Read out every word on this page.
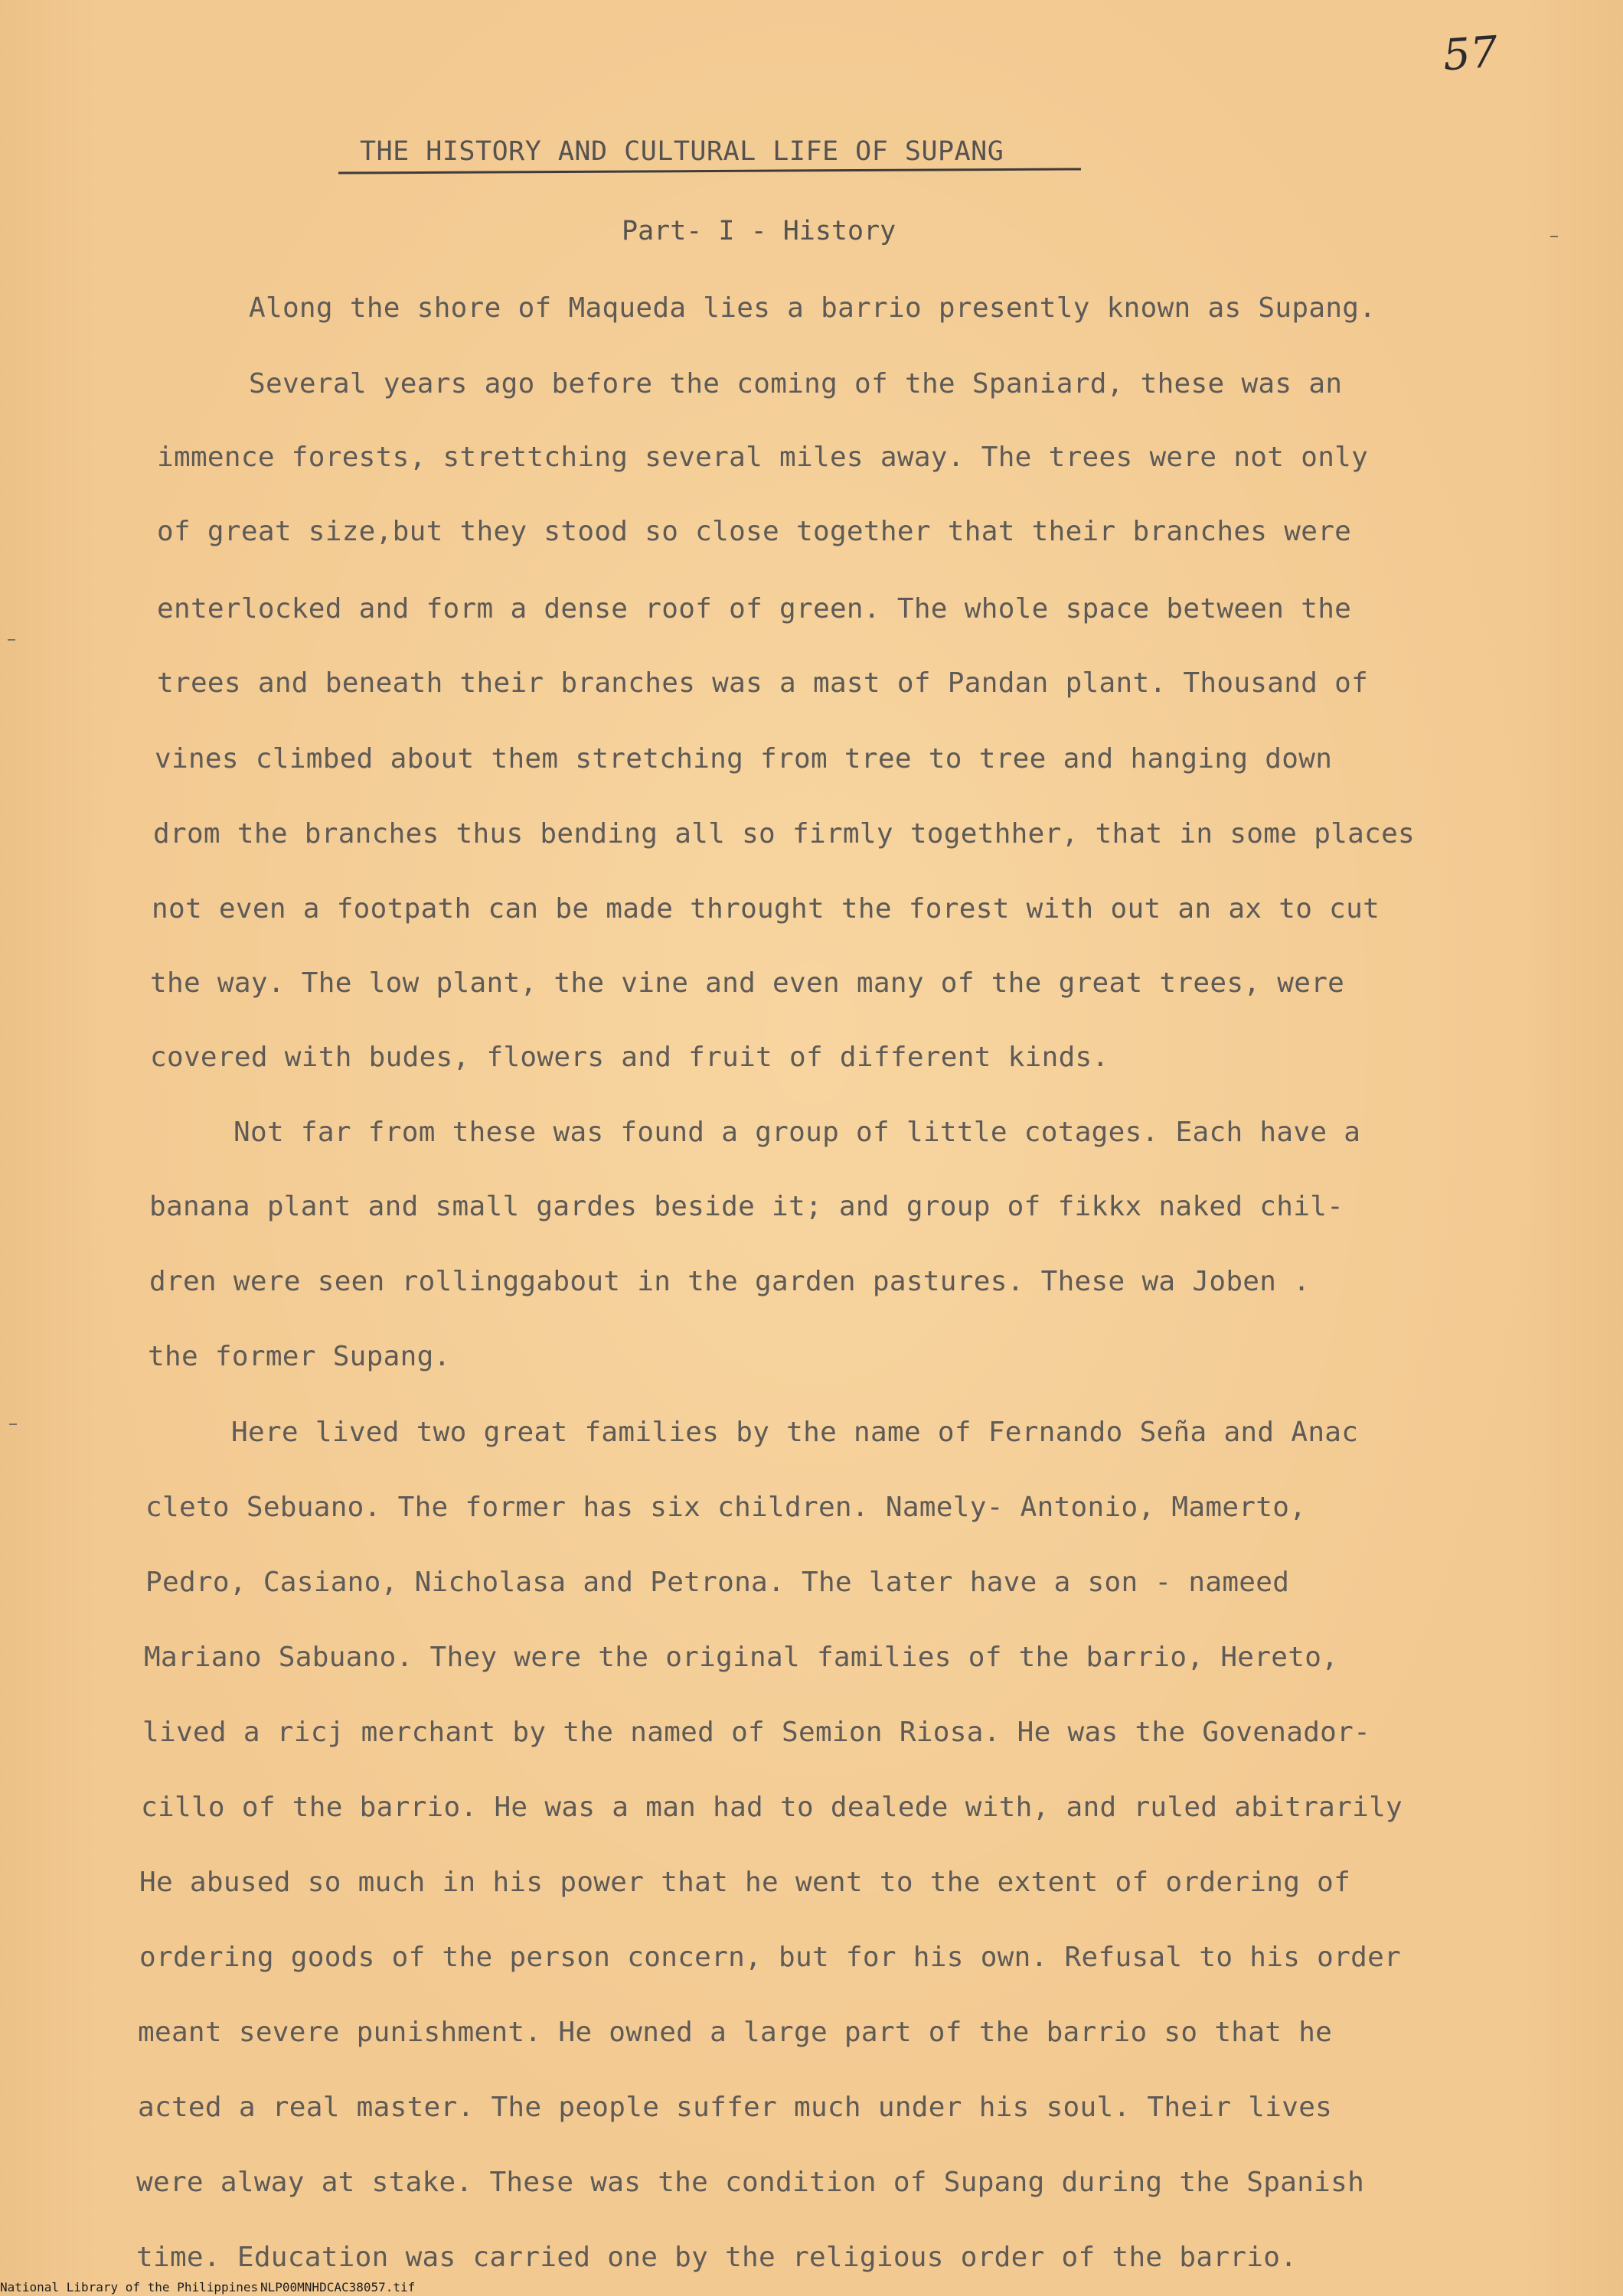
57
THE HISTORY AND CULTURAL LIFE OF SUPANG
Part- I - History
Along the shore of Maqueda lies a barrio presently known as Supang.
Several years ago before the coming of the Spaniard, these was an
immence forests, strettching several miles away. The trees were not only
of great size,but they stood so close together that their branches were
enterlocked and form a dense roof of green. The whole space between the
trees and beneath their branches was a mast of Pandan plant. Thousand of
vines climbed about them stretching from tree to tree and hanging down
drom the branches thus bending all so firmly togethher, that in some places
not even a footpath can be made throught the forest with out an ax to cut
the way. The low plant, the vine and even many of the great trees, were
covered with budes, flowers and fruit of different kinds.
Not far from these was found a group of little cotages. Each have a
banana plant and small gardes beside it; and group of fikkx naked chil-
dren were seen rollinggabout in the garden pastures. These wa Joben .
the former Supang.
Here lived two great families by the name of Fernando Seña and Anac
cleto Sebuano. The former has six children. Namely- Antonio, Mamerto,
Pedro, Casiano, Nicholasa and Petrona. The later have a son - nameed
Mariano Sabuano. They were the original families of the barrio, Hereto,
lived a ricj merchant by the named of Semion Riosa. He was the Govenador-
cillo of the barrio. He was a man had to dealede with, and ruled abitrarily
He abused so much in his power that he went to the extent of ordering of
ordering goods of the person concern, but for his own. Refusal to his order
meant severe punishment. He owned a large part of the barrio so that he
acted a real master. The people suffer much under his soul. Their lives
were alway at stake. These was the condition of Supang during the Spanish
time. Education was carried one by the religious order of the barrio.
National Library of the Philippines NLP00MNHDCAC38057.tif
